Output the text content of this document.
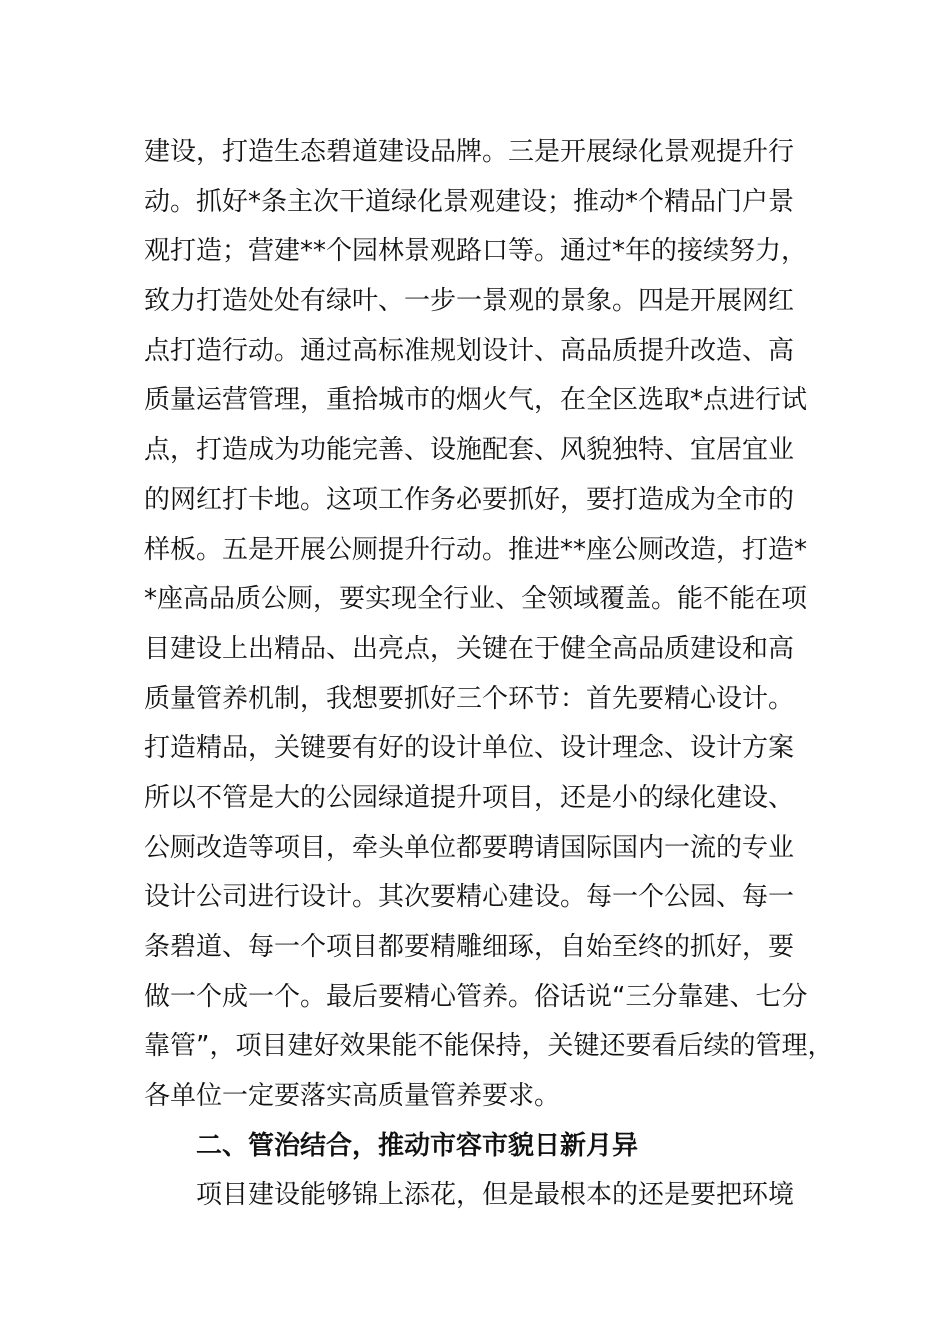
建设，打造生态碧道建设品牌。三是开展绿化景观提升行
动。抓好*条主次干道绿化景观建设；推动*个精品门户景
观打造；营建**个园林景观路口等。通过*年的接续努力，
致力打造处处有绿叶、一步一景观的景象。四是开展网红
点打造行动。通过高标准规划设计、高品质提升改造、高
质量运营管理，重拾城市的烟火气，在全区选取*点进行试
点，打造成为功能完善、设施配套、风貌独特、宜居宜业
的网红打卡地。这项工作务必要抓好，要打造成为全市的
样板。五是开展公厕提升行动。推进**座公厕改造，打造*
*座高品质公厕，要实现全行业、全领域覆盖。能不能在项
目建设上出精品、出亮点，关键在于健全高品质建设和高
质量管养机制，我想要抓好三个环节：首先要精心设计。
打造精品，关键要有好的设计单位、设计理念、设计方案
所以不管是大的公园绿道提升项目，还是小的绿化建设、
公厕改造等项目，牵头单位都要聘请国际国内一流的专业
设计公司进行设计。其次要精心建设。每一个公园、每一
条碧道、每一个项目都要精雕细琢，自始至终的抓好，要
做一个成一个。最后要精心管养。俗话说“三分靠建、七分
靠管”，项目建好效果能不能保持，关键还要看后续的管理，
各单位一定要落实高质量管养要求。
二、管治结合，推动市容市貌日新月异
项目建设能够锦上添花，但是最根本的还是要把环境
